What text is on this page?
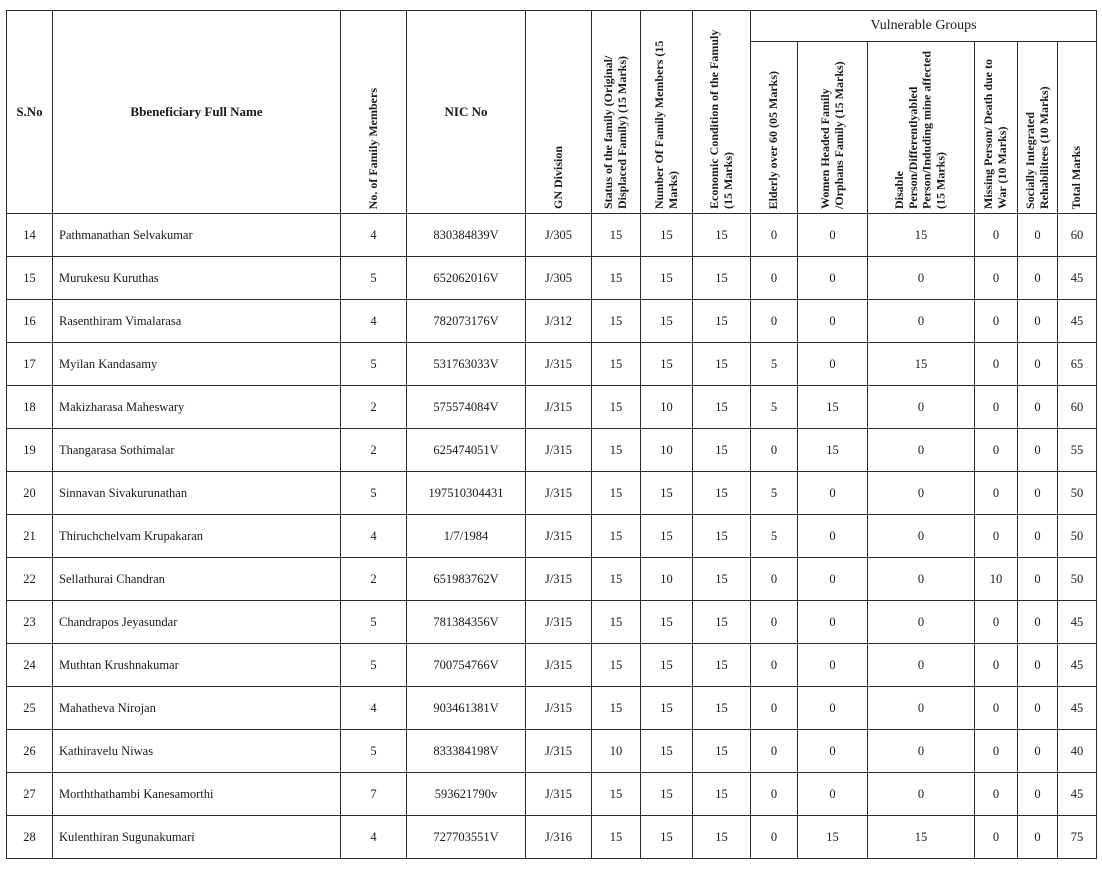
S.No	Bbeneficiary Full Name	No. of Family Members	NIC No	GN Division	Status of the family (Original/ Displaced Family) (15 Marks)	Number Of Family Members (15 Marks)	Economic Condition of the Famuly (15 Marks)	Vulnerable Groups					

								Elderly over 60 (05 Marks)	Women Headed Family /Orphans Family (15 Marks)	Disable Person/Differentlyabled Person/Induding mine affected (15 Marks)	Missing Person/ Death due to War (10 Marks)	Socially Integrated Rehabilitees (10 Marks)	Total Marks

14	Pathmanathan Selvakumar	4	830384839V	J/305	15	15	15	0	0	15	0	0	60
15	Murukesu Kuruthas	5	652062016V	J/305	15	15	15	0	0	0	0	0	45
16	Rasenthiram Vimalarasa	4	782073176V	J/312	15	15	15	0	0	0	0	0	45
17	Myilan Kandasamy	5	531763033V	J/315	15	15	15	5	0	15	0	0	65
18	Makizharasa Maheswary	2	575574084V	J/315	15	10	15	5	15	0	0	0	60
19	Thangarasa Sothimalar	2	625474051V	J/315	15	10	15	0	15	0	0	0	55
20	Sinnavan Sivakurunathan	5	197510304431	J/315	15	15	15	5	0	0	0	0	50
21	Thiruchchelvam Krupakaran	4	1/7/1984	J/315	15	15	15	5	0	0	0	0	50
22	Sellathurai Chandran	2	651983762V	J/315	15	10	15	0	0	0	10	0	50
23	Chandrapos Jeyasundar	5	781384356V	J/315	15	15	15	0	0	0	0	0	45
24	Muthtan Krushnakumar	5	700754766V	J/315	15	15	15	0	0	0	0	0	45
25	Mahatheva Nirojan	4	903461381V	J/315	15	15	15	0	0	0	0	0	45
26	Kathiravelu Niwas	5	833384198V	J/315	10	15	15	0	0	0	0	0	40
27	Morththathambi Kanesamorthi	7	593621790v	J/315	15	15	15	0	0	0	0	0	45
28	Kulenthiran Sugunakumari	4	727703551V	J/316	15	15	15	0	15	15	0	0	75
